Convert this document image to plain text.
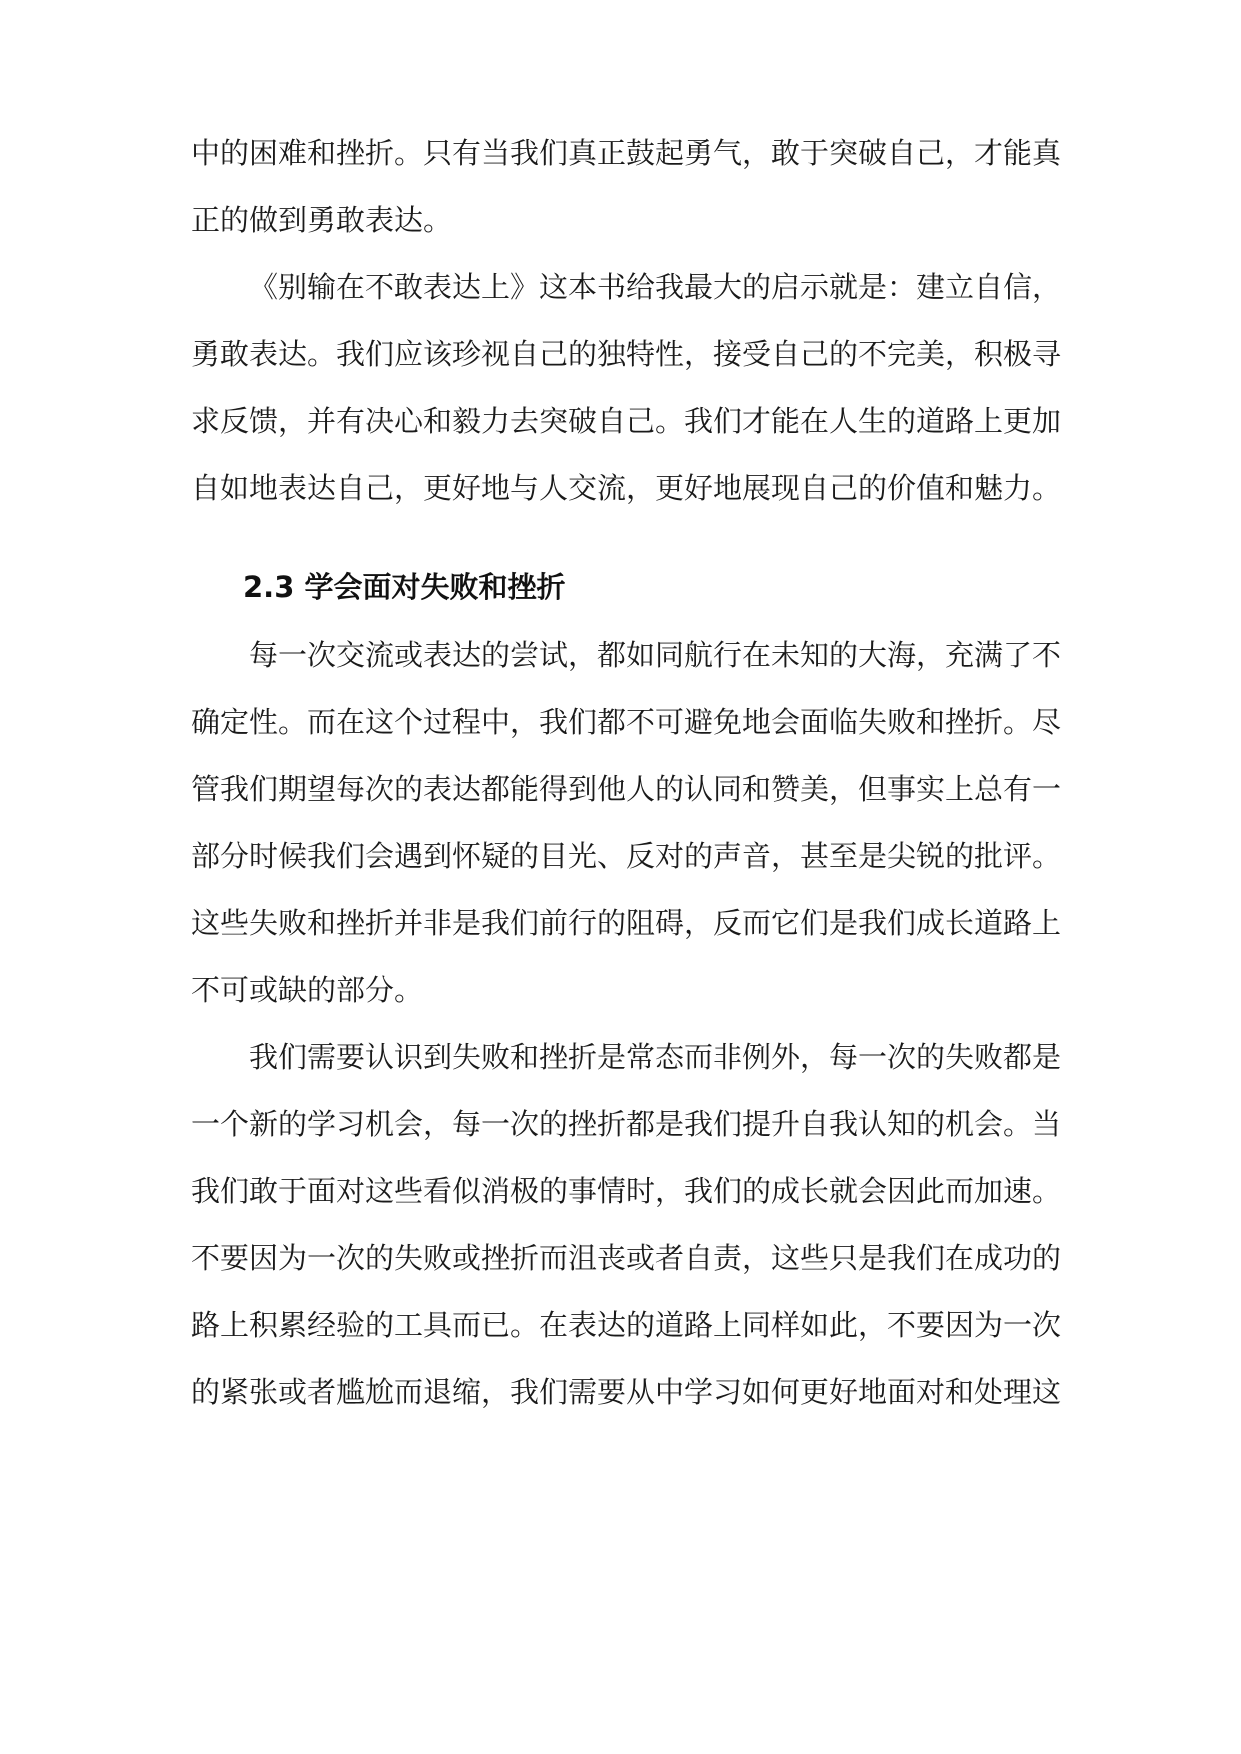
中的困难和挫折。只有当我们真正鼓起勇气，敢于突破自己，才能真
正的做到勇敢表达。
《别输在不敢表达上》这本书给我最大的启示就是：建立自信，
勇敢表达。我们应该珍视自己的独特性，接受自己的不完美，积极寻
求反馈，并有决心和毅力去突破自己。我们才能在人生的道路上更加
自如地表达自己，更好地与人交流，更好地展现自己的价值和魅力。
2.3 学会面对失败和挫折
每一次交流或表达的尝试，都如同航行在未知的大海，充满了不
确定性。而在这个过程中，我们都不可避免地会面临失败和挫折。尽
管我们期望每次的表达都能得到他人的认同和赞美，但事实上总有一
部分时候我们会遇到怀疑的目光、反对的声音，甚至是尖锐的批评。
这些失败和挫折并非是我们前行的阻碍，反而它们是我们成长道路上
不可或缺的部分。
我们需要认识到失败和挫折是常态而非例外，每一次的失败都是
一个新的学习机会，每一次的挫折都是我们提升自我认知的机会。当
我们敢于面对这些看似消极的事情时，我们的成长就会因此而加速。
不要因为一次的失败或挫折而沮丧或者自责，这些只是我们在成功的
路上积累经验的工具而已。在表达的道路上同样如此，不要因为一次
的紧张或者尴尬而退缩，我们需要从中学习如何更好地面对和处理这
